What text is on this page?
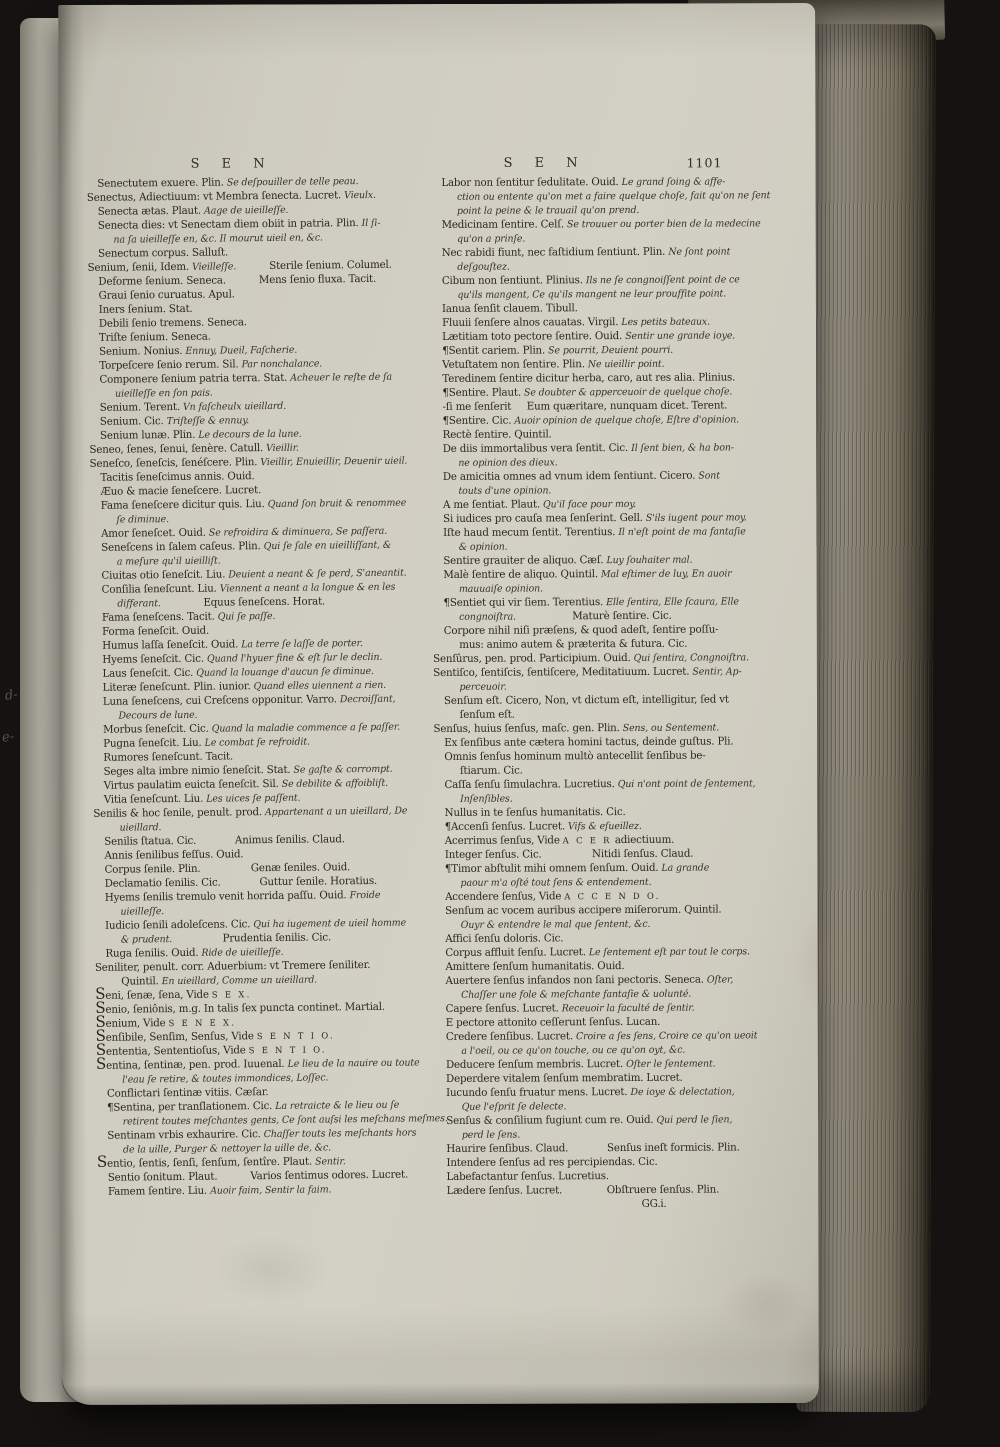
d-
e-
S E N	S E N	1101
Senectutem exuere. Plin. Se deſpouiller de telle peau.
Senectus, Adiectiuum: vt Membra ſenecta. Lucret. Vieulx.
Senecta ætas. Plaut. Aage de uieilleſſe.
Senecta dies: vt Senectam diem obiit in patria. Plin. Il ſi-
na ſa uieilleſſe en, &c. Il mourut uieil en, &c.
Senectum corpus. Salluſt.
Senium, ſenii, Idem. Vieilleſſe.	Sterile ſenium. Columel.
Deforme ſenium. Seneca.	Mens ſenio fluxa. Tacit.
Graui ſenio curuatus. Apul.
Iners ſenium. Stat.
Debili ſenio tremens. Seneca.
Triſte ſenium. Seneca.
Senium. Nonius. Ennuy, Dueil, Faſcherie.
Torpeſcere ſenio rerum. Sil. Par nonchalance.
Componere ſenium patria terra. Stat. Acheuer le reſte de ſa
uieilleſſe en ſon pais.
Senium. Terent. Vn faſcheulx uieillard.
Senium. Cic. Triſteſſe & ennuy.
Senium lunæ. Plin. Le decours de la lune.
Seneo, ſenes, ſenui, ſenère. Catull. Vieillir.
Seneſco, ſeneſcis, ſenéſcere. Plin. Vieillir, Enuieillir, Deuenir uieil.
Tacitis ſeneſcimus annis. Ouid.
Æuo & macie ſeneſcere. Lucret.
Fama ſeneſcere dicitur quis. Liu. Quand ſon bruit & renommee
ſe diminue.
Amor ſeneſcet. Ouid. Se refroidira & diminuera, Se paſſera.
Seneſcens in ſalem caſeus. Plin. Qui ſe ſale en uieilliſſant, &
a meſure qu'il uieilliſt.
Ciuitas otio ſeneſcit. Liu. Deuient a neant & ſe perd, S'aneantit.
Conſilia ſeneſcunt. Liu. Viennent a neant a la longue & en les
differant.	Equus ſeneſcens. Horat.
Fama ſeneſcens. Tacit. Qui ſe paſſe.
Forma ſeneſcit. Ouid.
Humus laſſa ſeneſcit. Ouid. La terre ſe laſſe de porter.
Hyems ſeneſcit. Cic. Quand l'hyuer fine & eſt ſur le declin.
Laus ſeneſcit. Cic. Quand la louange d'aucun ſe diminue.
Literæ ſeneſcunt. Plin. iunior. Quand elles uiennent a rien.
Luna ſeneſcens, cui Creſcens opponitur. Varro. Decroiſſant,
Decours de lune.
Morbus ſeneſcit. Cic. Quand la maladie commence a ſe paſſer.
Pugna ſeneſcit. Liu. Le combat ſe refroidit.
Rumores ſeneſcunt. Tacit.
Seges alta imbre nimio ſeneſcit. Stat. Se gaſte & corrompt.
Virtus paulatim euicta ſeneſcit. Sil. Se debilite & affoibliſt.
Vitia ſeneſcunt. Liu. Les uices ſe paſſent.
Senilis & hoc ſenile, penult. prod. Appartenant a un uieillard, De
uieillard.
Senilis ſtatua. Cic.	Animus ſenilis. Claud.
Annis ſenilibus feſſus. Ouid.
Corpus ſenile. Plin.	Genæ ſeniles. Ouid.
Declamatio ſenilis. Cic.	Guttur ſenile. Horatius.
Hyems ſenilis tremulo venit horrida paſſu. Ouid. Froide
uieilleſſe.
Iudicio ſenili adoleſcens. Cic. Qui ha iugement de uieil homme
& prudent.	Prudentia ſenilis. Cic.
Ruga ſenilis. Ouid. Ride de uieilleſſe.
Seniliter, penult. corr. Aduerbium: vt Tremere ſeniliter.
Quintil. En uieillard, Comme un uieillard.
Seni, ſenæ, ſena, Vide S E X.
Senio, ſeniônis, m.g. In talis ſex puncta continet. Martial.
Senium, Vide S E N E X.
Senſibile, Senſim, Senſus, Vide S E N T I O.
Sententia, Sententioſus, Vide S E N T I O.
Sentina, ſentinæ, pen. prod. Iuuenal. Le lieu de la nauire ou toute
l'eau ſe retire, & toutes immondices, Loſſec.
Conflictari ſentinæ vitiis. Cæſar.
¶Sentina, per tranſlationem. Cic. La retraicte & le lieu ou ſe
retirent toutes meſchantes gents, Ce ſont auſsi les meſchans meſmes.
Sentinam vrbis exhaurire. Cic. Chaſſer touts les meſchants hors
de la uille, Purger & nettoyer la uille de, &c.
Sentio, ſentis, ſenſi, ſenſum, ſentîre. Plaut. Sentir.
Sentio ſonitum. Plaut.	Varios ſentimus odores. Lucret.
Famem ſentire. Liu. Auoir faim, Sentir la faim.
Labor non ſentitur ſedulitate. Ouid. Le grand ſoing & affe-
ction ou entente qu'on met a faire quelque choſe, fait qu'on ne ſent
point la peine & le trauail qu'on prend.
Medicinam ſentire. Celſ. Se trouuer ou porter bien de la medecine
qu'on a prinſe.
Nec rabidi fiunt, nec faſtidium ſentiunt. Plin. Ne ſont point
deſgouſtez.
Cibum non ſentiunt. Plinius. Ils ne ſe congnoiſſent point de ce
qu'ils mangent, Ce qu'ils mangent ne leur prouffite point.
Ianua ſenſit clauem. Tibull.
Fluuii ſenſere alnos cauatas. Virgil. Les petits bateaux.
Lætitiam toto pectore ſentire. Ouid. Sentir une grande ioye.
¶Sentit cariem. Plin. Se pourrit, Deuient pourri.
Vetuſtatem non ſentire. Plin. Ne uieillir point.
Teredinem ſentire dicitur herba, caro, aut res alia. Plinius.
¶Sentire. Plaut. Se doubter & apperceuoir de quelque choſe.
-ſi me ſenſerit Eum quæritare, nunquam dicet. Terent.
¶Sentire. Cic. Auoir opinion de quelque choſe, Eſtre d'opinion.
Rectè ſentire. Quintil.
De diis immortalibus vera ſentit. Cic. Il ſent bien, & ha bon-
ne opinion des dieux.
De amicitia omnes ad vnum idem ſentiunt. Cicero. Sont
touts d'une opinion.
A me ſentiat. Plaut. Qu'il face pour moy.
Si iudices pro cauſa mea ſenſerint. Gell. S'ils iugent pour moy.
Iſte haud mecum ſentit. Terentius. Il n'eſt point de ma fantaſie
& opinion.
Sentire grauiter de aliquo. Cæſ. Luy ſouhaiter mal.
Malè ſentire de aliquo. Quintil. Mal eſtimer de luy, En auoir
mauuaiſe opinion.
¶Sentiet qui vir ſiem. Terentius. Elle ſentira, Elle ſcaura, Elle
congnoiſtra.	Maturè ſentire. Cic.
Corpore nihil niſi præſens, & quod adeſt, ſentire poſſu-
mus: animo autem & præterita & futura. Cic.
Senſûrus, pen. prod. Participium. Ouid. Qui ſentira, Congnoiſtra.
Sentiſco, ſentiſcis, ſentiſcere, Meditatiuum. Lucret. Sentir, Ap-
perceuoir.
Senſum eſt. Cicero, Non, vt dictum eſt, intelligitur, ſed vt
ſenſum eſt.
Senſus, huius ſenſus, maſc. gen. Plin. Sens, ou Sentement.
Ex ſenſibus ante cætera homini tactus, deinde guſtus. Pli.
Omnis ſenſus hominum multò antecellit ſenſibus be-
ſtiarum. Cic.
Caſſa ſenſu ſimulachra. Lucretius. Qui n'ont point de ſentement,
Inſenſibles.
Nullus in te ſenſus humanitatis. Cic.
¶Accenſi ſenſus. Lucret. Vifs & eſueillez.
Acerrimus ſenſus, Vide A C E R adiectiuum.
Integer ſenſus. Cic.	Nitidi ſenſus. Claud.
¶Timor abſtulit mihi omnem ſenſum. Ouid. La grande
paour m'a oſté tout ſens & entendement.
Accendere ſenſus, Vide A C C E N D O.
Senſum ac vocem auribus accipere miſerorum. Quintil.
Ouyr & entendre le mal que ſentent, &c.
Affici ſenſu doloris. Cic.
Corpus affluit ſenſu. Lucret. Le ſentement eſt par tout le corps.
Amittere ſenſum humanitatis. Ouid.
Auertere ſenſus infandos non ſani pectoris. Seneca. Oſter,
Chaſſer une fole & meſchante fantaſie & uolunté.
Capere ſenſus. Lucret. Receuoir la faculté de ſentir.
E pectore attonito ceſſerunt ſenſus. Lucan.
Credere ſenſibus. Lucret. Croire a ſes ſens, Croire ce qu'on ueoit
a l'oeil, ou ce qu'on touche, ou ce qu'on oyt, &c.
Deducere ſenſum membris. Lucret. Oſter le ſentement.
Deperdere vitalem ſenſum membratim. Lucret.
Iucundo ſenſu fruatur mens. Lucret. De ioye & delectation,
Que l'eſprit ſe delecte.
Senſus & conſilium fugiunt cum re. Ouid. Qui perd le ſien,
perd le ſens.
Haurire ſenſibus. Claud.	Senſus ineſt formicis. Plin.
Intendere ſenſus ad res percipiendas. Cic.
Labefactantur ſenſus. Lucretius.
Lædere ſenſus. Lucret.	Obſtruere ſenſus. Plin.
GG.i.
